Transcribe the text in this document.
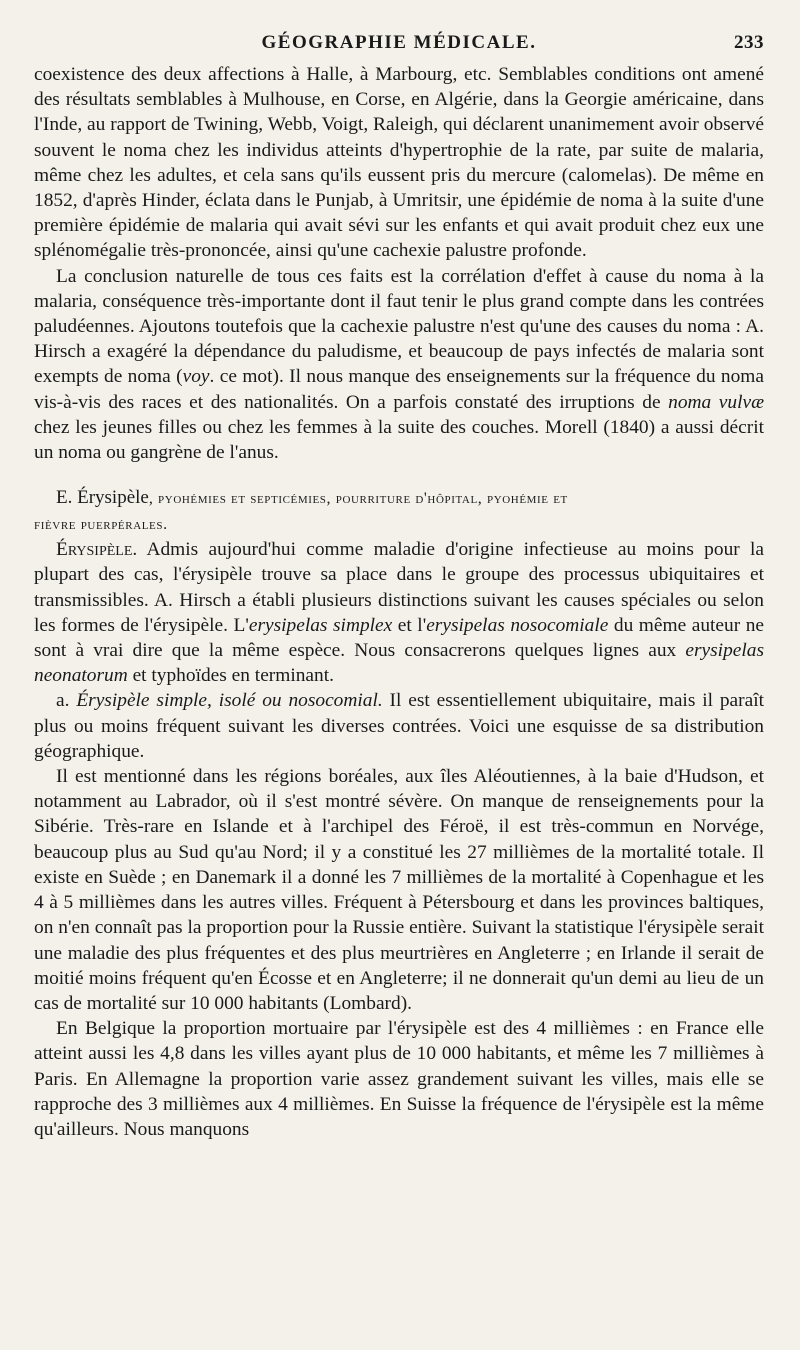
GÉOGRAPHIE MÉDICALE.	233

coexistence des deux affections à Halle, à Marbourg, etc. Semblables conditions ont amené des résultats semblables à Mulhouse, en Corse, en Algérie, dans la Georgie américaine, dans l'Inde, au rapport de Twining, Webb, Voigt, Raleigh, qui déclarent unanimement avoir observé souvent le noma chez les individus atteints d'hypertrophie de la rate, par suite de malaria, même chez les adultes, et cela sans qu'ils eussent pris du mercure (calomelas). De même en 1852, d'après Hinder, éclata dans le Punjab, à Umritsir, une épidémie de noma à la suite d'une première épidémie de malaria qui avait sévi sur les enfants et qui avait produit chez eux une splénomégalie très-prononcée, ainsi qu'une cachexie palustre profonde.

La conclusion naturelle de tous ces faits est la corrélation d'effet à cause du noma à la malaria, conséquence très-importante dont il faut tenir le plus grand compte dans les contrées paludéennes. Ajoutons toutefois que la cachexie palustre n'est qu'une des causes du noma : A. Hirsch a exagéré la dépendance du paludisme, et beaucoup de pays infectés de malaria sont exempts de noma (voy. ce mot). Il nous manque des enseignements sur la fréquence du noma vis-à-vis des races et des nationalités. On a parfois constaté des irruptions de noma vulvæ chez les jeunes filles ou chez les femmes à la suite des couches. Morell (1840) a aussi décrit un noma ou gangrène de l'anus.

E. Érysipèle, pyohémies et septicémies, pourriture d'hôpital, pyohémie et
fièvre puerpérales.

Érysipèle. Admis aujourd'hui comme maladie d'origine infectieuse au moins pour la plupart des cas, l'érysipèle trouve sa place dans le groupe des processus ubiquitaires et transmissibles. A. Hirsch a établi plusieurs distinctions suivant les causes spéciales ou selon les formes de l'érysipèle. L'erysipelas simplex et l'erysipelas nosocomiale du même auteur ne sont à vrai dire que la même espèce. Nous consacrerons quelques lignes aux erysipelas neonatorum et typhoïdes en terminant.

a. Érysipèle simple, isolé ou nosocomial. Il est essentiellement ubiquitaire, mais il paraît plus ou moins fréquent suivant les diverses contrées. Voici une esquisse de sa distribution géographique.

Il est mentionné dans les régions boréales, aux îles Aléoutiennes, à la baie d'Hudson, et notamment au Labrador, où il s'est montré sévère. On manque de renseignements pour la Sibérie. Très-rare en Islande et à l'archipel des Féroë, il est très-commun en Norvége, beaucoup plus au Sud qu'au Nord; il y a constitué les 27 millièmes de la mortalité totale. Il existe en Suède ; en Danemark il a donné les 7 millièmes de la mortalité à Copenhague et les 4 à 5 millièmes dans les autres villes. Fréquent à Pétersbourg et dans les provinces baltiques, on n'en connaît pas la proportion pour la Russie entière. Suivant la statistique l'érysipèle serait une maladie des plus fréquentes et des plus meurtrières en Angleterre ; en Irlande il serait de moitié moins fréquent qu'en Écosse et en Angleterre; il ne donnerait qu'un demi au lieu de un cas de mortalité sur 10 000 habitants (Lombard).

En Belgique la proportion mortuaire par l'érysipèle est des 4 millièmes : en France elle atteint aussi les 4,8 dans les villes ayant plus de 10 000 habitants, et même les 7 millièmes à Paris. En Allemagne la proportion varie assez grandement suivant les villes, mais elle se rapproche des 3 millièmes aux 4 millièmes. En Suisse la fréquence de l'érysipèle est la même qu'ailleurs. Nous manquons
